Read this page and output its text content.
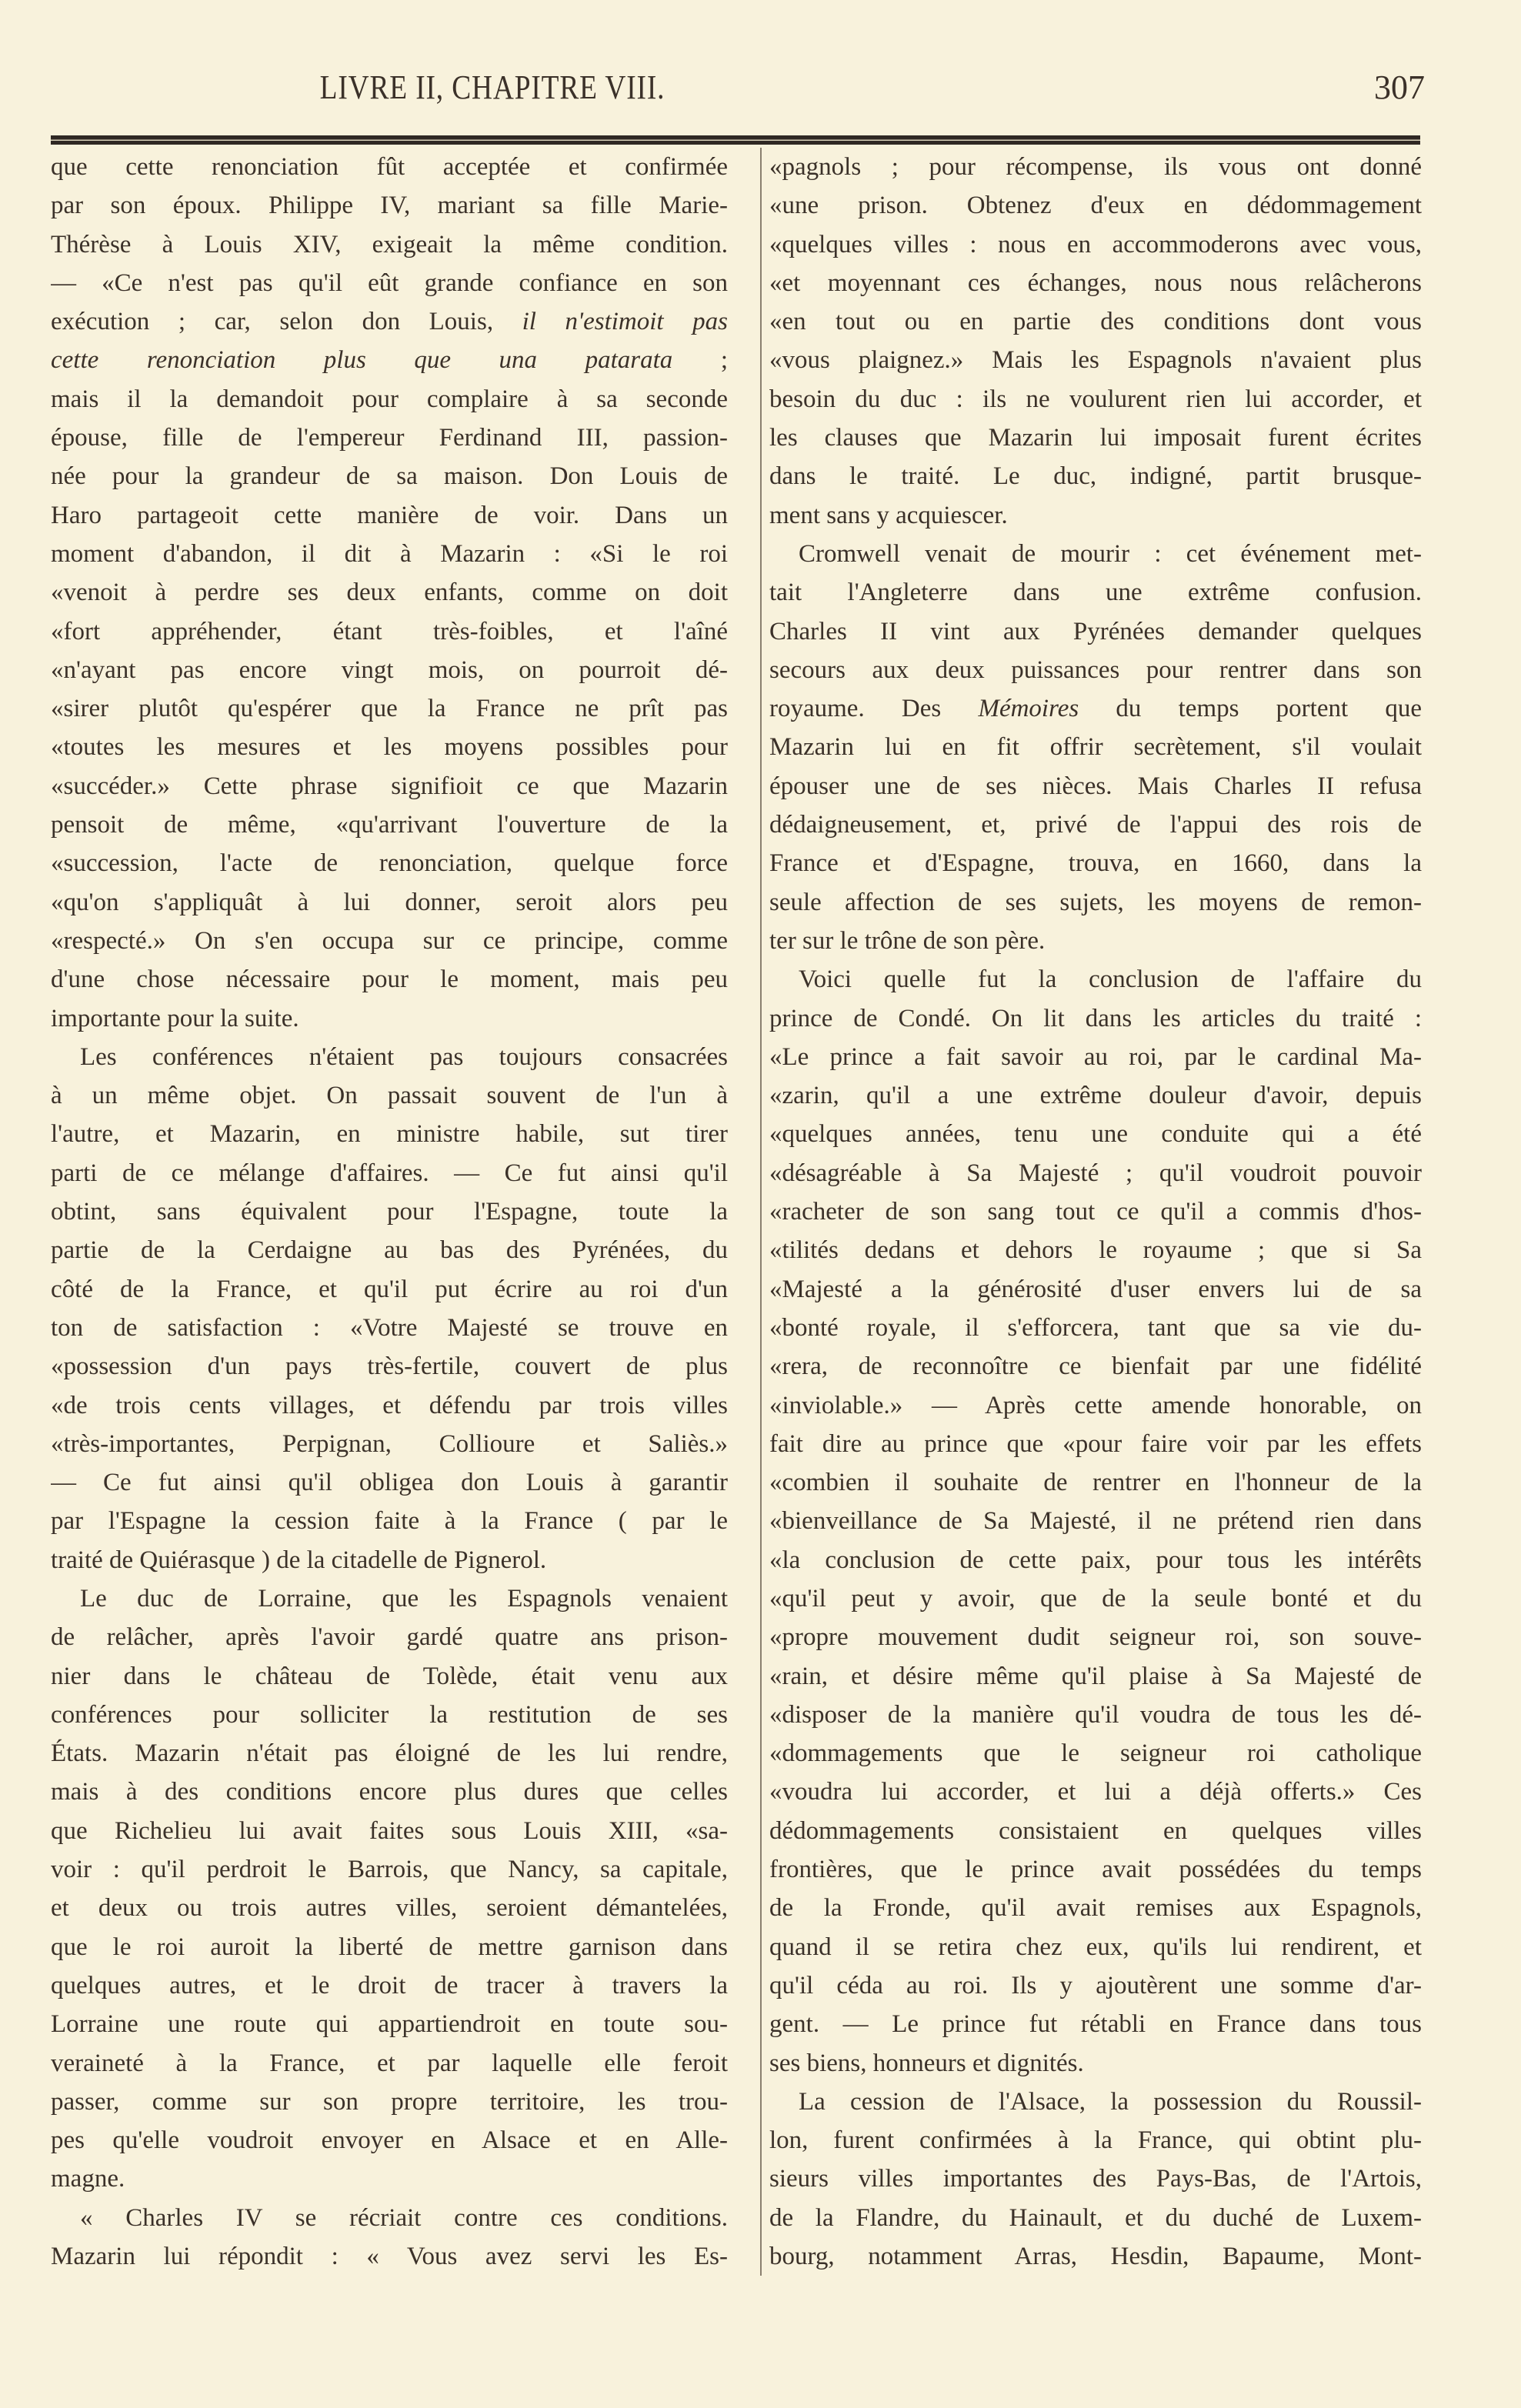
LIVRE II, CHAPITRE VIII.	307
que cette renonciation fût acceptée et confirmée
par son époux. Philippe IV, mariant sa fille Marie-
Thérèse à Louis XIV, exigeait la même condition.
— «Ce n'est pas qu'il eût grande confiance en son
exécution ; car, selon don Louis, il n'estimoit pas
cette renonciation plus que una patarata ;
mais il la demandoit pour complaire à sa seconde
épouse, fille de l'empereur Ferdinand III, passion-
née pour la grandeur de sa maison. Don Louis de
Haro partageoit cette manière de voir. Dans un
moment d'abandon, il dit à Mazarin : «Si le roi
«venoit à perdre ses deux enfants, comme on doit
«fort appréhender, étant très-foibles, et l'aîné
«n'ayant pas encore vingt mois, on pourroit dé-
«sirer plutôt qu'espérer que la France ne prît pas
«toutes les mesures et les moyens possibles pour
«succéder.» Cette phrase signifioit ce que Mazarin
pensoit de même, «qu'arrivant l'ouverture de la
«succession, l'acte de renonciation, quelque force
«qu'on s'appliquât à lui donner, seroit alors peu
«respecté.» On s'en occupa sur ce principe, comme
d'une chose nécessaire pour le moment, mais peu
importante pour la suite.
Les conférences n'étaient pas toujours consacrées
à un même objet. On passait souvent de l'un à
l'autre, et Mazarin, en ministre habile, sut tirer
parti de ce mélange d'affaires. — Ce fut ainsi qu'il
obtint, sans équivalent pour l'Espagne, toute la
partie de la Cerdaigne au bas des Pyrénées, du
côté de la France, et qu'il put écrire au roi d'un
ton de satisfaction : «Votre Majesté se trouve en
«possession d'un pays très-fertile, couvert de plus
«de trois cents villages, et défendu par trois villes
«très-importantes, Perpignan, Collioure et Saliès.»
— Ce fut ainsi qu'il obligea don Louis à garantir
par l'Espagne la cession faite à la France ( par le
traité de Quiérasque ) de la citadelle de Pignerol.
Le duc de Lorraine, que les Espagnols venaient
de relâcher, après l'avoir gardé quatre ans prison-
nier dans le château de Tolède, était venu aux
conférences pour solliciter la restitution de ses
États. Mazarin n'était pas éloigné de les lui rendre,
mais à des conditions encore plus dures que celles
que Richelieu lui avait faites sous Louis XIII, «sa-
voir : qu'il perdroit le Barrois, que Nancy, sa capitale,
et deux ou trois autres villes, seroient démantelées,
que le roi auroit la liberté de mettre garnison dans
quelques autres, et le droit de tracer à travers la
Lorraine une route qui appartiendroit en toute sou-
veraineté à la France, et par laquelle elle feroit
passer, comme sur son propre territoire, les trou-
pes qu'elle voudroit envoyer en Alsace et en Alle-
magne.
« Charles IV se récriait contre ces conditions.
Mazarin lui répondit : « Vous avez servi les Es-
«pagnols ; pour récompense, ils vous ont donné
«une prison. Obtenez d'eux en dédommagement
«quelques villes : nous en accommoderons avec vous,
«et moyennant ces échanges, nous nous relâcherons
«en tout ou en partie des conditions dont vous
«vous plaignez.» Mais les Espagnols n'avaient plus
besoin du duc : ils ne voulurent rien lui accorder, et
les clauses que Mazarin lui imposait furent écrites
dans le traité. Le duc, indigné, partit brusque-
ment sans y acquiescer.
Cromwell venait de mourir : cet événement met-
tait l'Angleterre dans une extrême confusion.
Charles II vint aux Pyrénées demander quelques
secours aux deux puissances pour rentrer dans son
royaume. Des Mémoires du temps portent que
Mazarin lui en fit offrir secrètement, s'il voulait
épouser une de ses nièces. Mais Charles II refusa
dédaigneusement, et, privé de l'appui des rois de
France et d'Espagne, trouva, en 1660, dans la
seule affection de ses sujets, les moyens de remon-
ter sur le trône de son père.
Voici quelle fut la conclusion de l'affaire du
prince de Condé. On lit dans les articles du traité :
«Le prince a fait savoir au roi, par le cardinal Ma-
«zarin, qu'il a une extrême douleur d'avoir, depuis
«quelques années, tenu une conduite qui a été
«désagréable à Sa Majesté ; qu'il voudroit pouvoir
«racheter de son sang tout ce qu'il a commis d'hos-
«tilités dedans et dehors le royaume ; que si Sa
«Majesté a la générosité d'user envers lui de sa
«bonté royale, il s'efforcera, tant que sa vie du-
«rera, de reconnoître ce bienfait par une fidélité
«inviolable.» — Après cette amende honorable, on
fait dire au prince que «pour faire voir par les effets
«combien il souhaite de rentrer en l'honneur de la
«bienveillance de Sa Majesté, il ne prétend rien dans
«la conclusion de cette paix, pour tous les intérêts
«qu'il peut y avoir, que de la seule bonté et du
«propre mouvement dudit seigneur roi, son souve-
«rain, et désire même qu'il plaise à Sa Majesté de
«disposer de la manière qu'il voudra de tous les dé-
«dommagements que le seigneur roi catholique
«voudra lui accorder, et lui a déjà offerts.» Ces
dédommagements consistaient en quelques villes
frontières, que le prince avait possédées du temps
de la Fronde, qu'il avait remises aux Espagnols,
quand il se retira chez eux, qu'ils lui rendirent, et
qu'il céda au roi. Ils y ajoutèrent une somme d'ar-
gent. — Le prince fut rétabli en France dans tous
ses biens, honneurs et dignités.
La cession de l'Alsace, la possession du Roussil-
lon, furent confirmées à la France, qui obtint plu-
sieurs villes importantes des Pays-Bas, de l'Artois,
de la Flandre, du Hainault, et du duché de Luxem-
bourg, notamment Arras, Hesdin, Bapaume, Mont-
